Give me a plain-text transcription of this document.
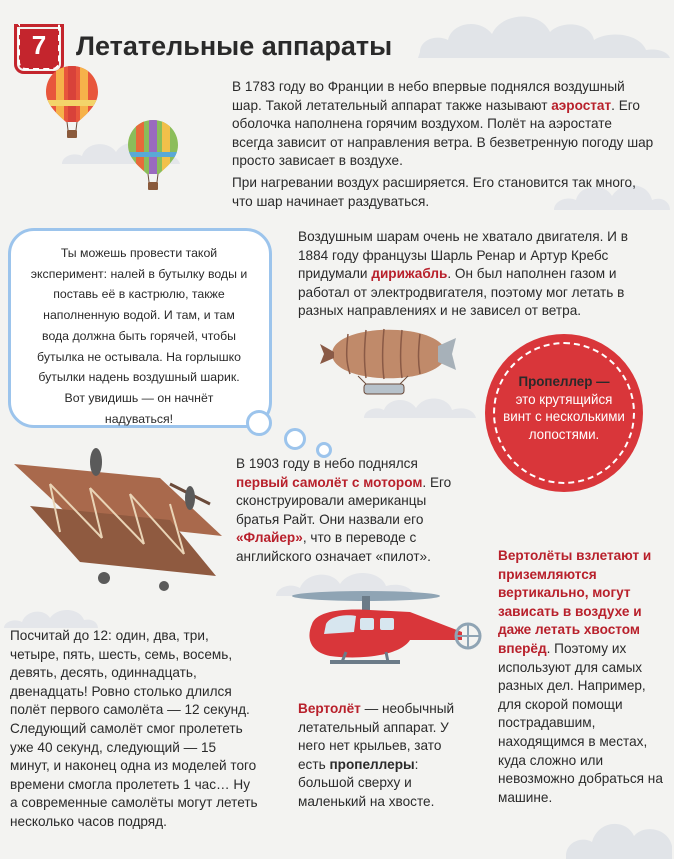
7	Летательные аппараты
В 1783 году во Франции в небо впервые поднялся воздушный шар. Такой летательный аппарат также называют аэростат. Его оболочка наполнена горячим воздухом. Полёт на аэростате всегда зависит от направления ветра. В безветренную погоду шар просто зависает в воздухе.
При нагревании воздух расширяется. Его становится так много, что шар начинает раздуваться.
Ты можешь провести такой эксперимент: налей в бутылку воды и поставь её в кастрюлю, также наполненную водой. И там, и там вода должна быть горячей, чтобы бутылка не остывала. На горлышко бутылки надень воздушный шарик. Вот увидишь — он начнёт надуваться!
Воздушным шарам очень не хватало двигателя. И в 1884 году французы Шарль Ренар и Артур Кребс придумали дирижабль. Он был наполнен газом и работал от электродвигателя, поэтому мог летать в разных направлениях и не зависел от ветра.
Пропеллер —
это крутящийся винт с несколькими лопостями.
В 1903 году в небо поднялся первый самолёт с мотором. Его сконструировали американцы братья Райт. Они назвали его «Флайер», что в переводе с английского означает «пилот».
Посчитай до 12: один, два, три, четыре, пять, шесть, семь, восемь, девять, десять, одиннадцать, двенадцать! Ровно столько длился полёт первого самолёта — 12 секунд.
Следующий самолёт смог пролететь уже 40 секунд, следующий — 15 минут, и наконец одна из моделей того времени смогла пролететь 1 час… Ну а современные самолёты могут лететь несколько часов подряд.
Вертолёт — необычный летательный аппарат. У него нет крыльев, зато есть пропеллеры: большой сверху и маленький на хвосте.
Вертолёты взлетают и приземляются вертикально, могут зависать в воздухе и даже летать хвостом вперёд. Поэтому их используют для самых разных дел. Например, для скорой помощи пострадавшим, находящимся в местах, куда сложно или невозможно добраться на машине.
